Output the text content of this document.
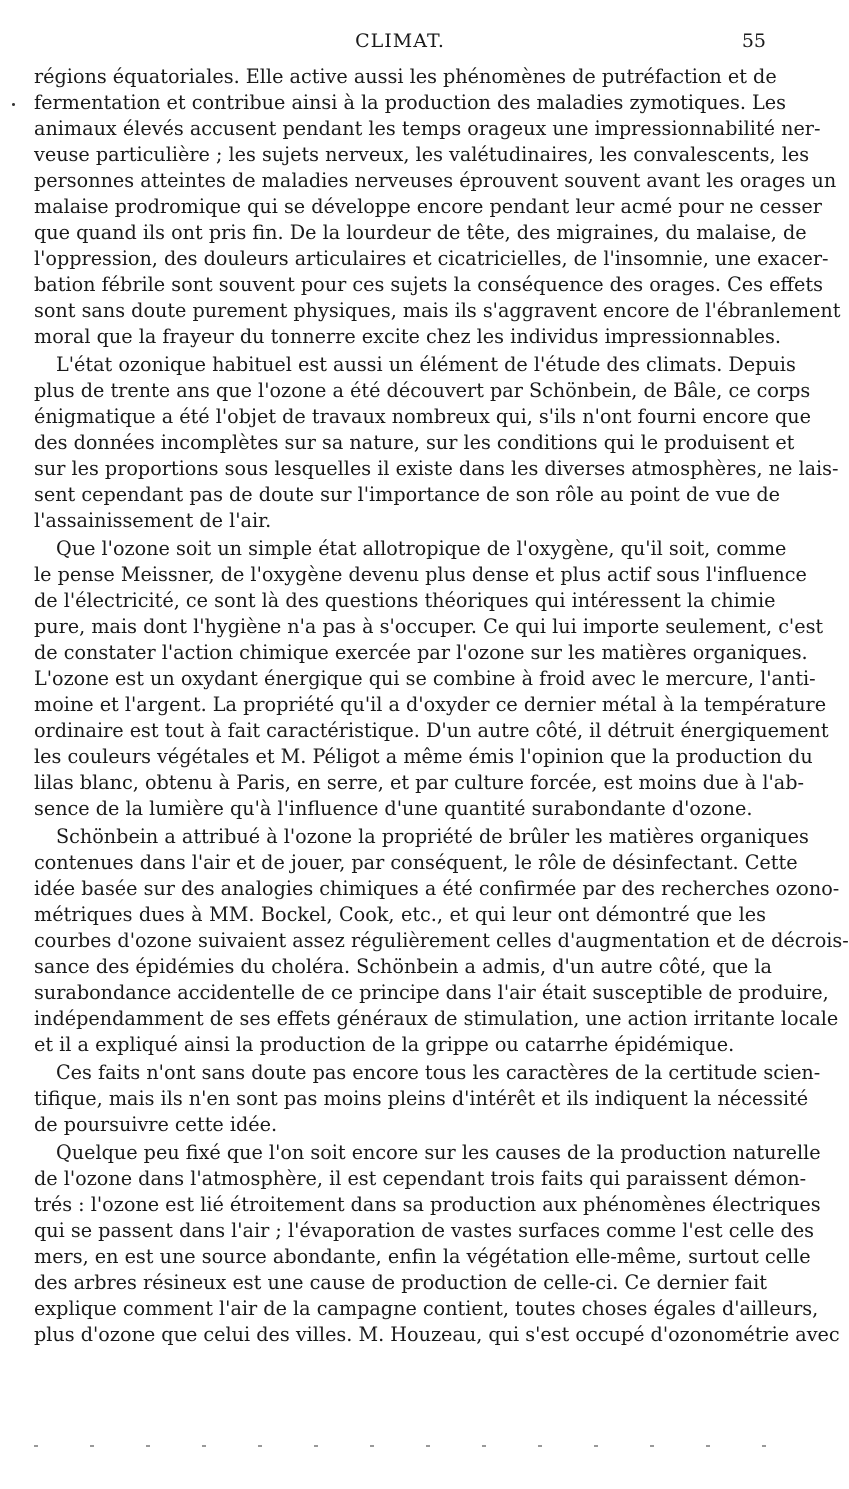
CLIMAT.	55
régions équatoriales. Elle active aussi les phénomènes de putréfaction et de
fermentation et contribue ainsi à la production des maladies zymotiques. Les
animaux élevés accusent pendant les temps orageux une impressionnabilité ner-
veuse particulière ; les sujets nerveux, les valétudinaires, les convalescents, les
personnes atteintes de maladies nerveuses éprouvent souvent avant les orages un
malaise prodromique qui se développe encore pendant leur acmé pour ne cesser
que quand ils ont pris fin. De la lourdeur de tête, des migraines, du malaise, de
l'oppression, des douleurs articulaires et cicatricielles, de l'insomnie, une exacer-
bation fébrile sont souvent pour ces sujets la conséquence des orages. Ces effets
sont sans doute purement physiques, mais ils s'aggravent encore de l'ébranlement
moral que la frayeur du tonnerre excite chez les individus impressionnables.
L'état ozonique habituel est aussi un élément de l'étude des climats. Depuis
plus de trente ans que l'ozone a été découvert par Schönbein, de Bâle, ce corps
énigmatique a été l'objet de travaux nombreux qui, s'ils n'ont fourni encore que
des données incomplètes sur sa nature, sur les conditions qui le produisent et
sur les proportions sous lesquelles il existe dans les diverses atmosphères, ne lais-
sent cependant pas de doute sur l'importance de son rôle au point de vue de
l'assainissement de l'air.
Que l'ozone soit un simple état allotropique de l'oxygène, qu'il soit, comme
le pense Meissner, de l'oxygène devenu plus dense et plus actif sous l'influence
de l'électricité, ce sont là des questions théoriques qui intéressent la chimie
pure, mais dont l'hygiène n'a pas à s'occuper. Ce qui lui importe seulement, c'est
de constater l'action chimique exercée par l'ozone sur les matières organiques.
L'ozone est un oxydant énergique qui se combine à froid avec le mercure, l'anti-
moine et l'argent. La propriété qu'il a d'oxyder ce dernier métal à la température
ordinaire est tout à fait caractéristique. D'un autre côté, il détruit énergiquement
les couleurs végétales et M. Péligot a même émis l'opinion que la production du
lilas blanc, obtenu à Paris, en serre, et par culture forcée, est moins due à l'ab-
sence de la lumière qu'à l'influence d'une quantité surabondante d'ozone.
Schönbein a attribué à l'ozone la propriété de brûler les matières organiques
contenues dans l'air et de jouer, par conséquent, le rôle de désinfectant. Cette
idée basée sur des analogies chimiques a été confirmée par des recherches ozono-
métriques dues à MM. Bockel, Cook, etc., et qui leur ont démontré que les
courbes d'ozone suivaient assez régulièrement celles d'augmentation et de décrois-
sance des épidémies du choléra. Schönbein a admis, d'un autre côté, que la
surabondance accidentelle de ce principe dans l'air était susceptible de produire,
indépendamment de ses effets généraux de stimulation, une action irritante locale
et il a expliqué ainsi la production de la grippe ou catarrhe épidémique.
Ces faits n'ont sans doute pas encore tous les caractères de la certitude scien-
tifique, mais ils n'en sont pas moins pleins d'intérêt et ils indiquent la nécessité
de poursuivre cette idée.
Quelque peu fixé que l'on soit encore sur les causes de la production naturelle
de l'ozone dans l'atmosphère, il est cependant trois faits qui paraissent démon-
trés : l'ozone est lié étroitement dans sa production aux phénomènes électriques
qui se passent dans l'air ; l'évaporation de vastes surfaces comme l'est celle des
mers, en est une source abondante, enfin la végétation elle-même, surtout celle
des arbres résineux est une cause de production de celle-ci. Ce dernier fait
explique comment l'air de la campagne contient, toutes choses égales d'ailleurs,
plus d'ozone que celui des villes. M. Houzeau, qui s'est occupé d'ozonométrie avec
